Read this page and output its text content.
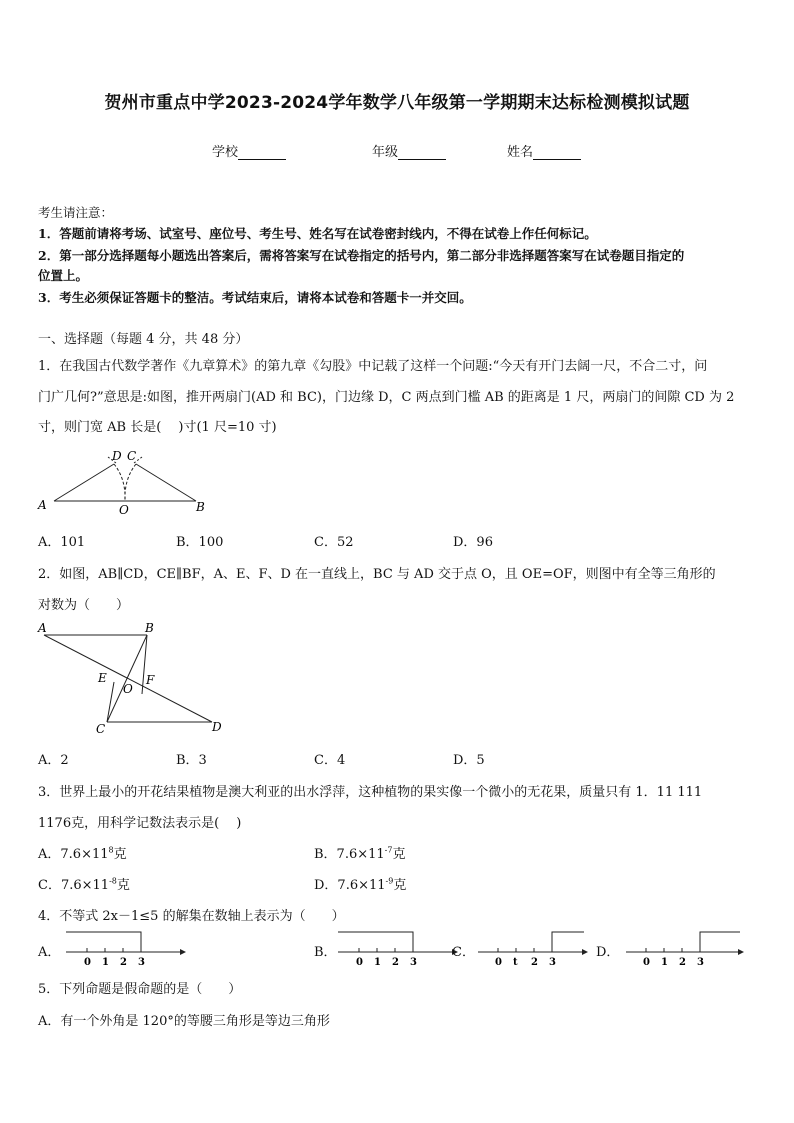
贺州市重点中学2023-2024学年数学八年级第一学期期末达标检测模拟试题
学校	年级	姓名
考生请注意：
1．答题前请将考场、试室号、座位号、考生号、姓名写在试卷密封线内，不得在试卷上作任何标记。
2．第一部分选择题每小题选出答案后，需将答案写在试卷指定的括号内，第二部分非选择题答案写在试卷题目指定的
位置上。
3．考生必须保证答题卡的整洁。考试结束后，请将本试卷和答题卡一并交回。
一、选择题（每题 4 分，共 48 分）
1．在我国古代数学著作《九章算术》的第九章《勾股》中记载了这样一个问题:“今天有开门去阔一尺，不合二寸，问
门广几何?”意思是:如图，推开两扇门(AD 和 BC)，门边缘 D，C 两点到门槛 AB 的距离是 1 尺，两扇门的间隙 CD 为 2
寸，则门宽 AB 长是(　 )寸(1 尺=10 寸)
A	B
D C
O
A．101	B．100	C．52	D．96
2．如图，AB∥CD，CE∥BF，A、E、F、D 在一直线上，BC 与 AD 交于点 O，且 OE=OF，则图中有全等三角形的
对数为（　　）
A	B
C	D
E	F
O
A．2	B．3	C．4	D．5
3．世界上最小的开花结果植物是澳大利亚的出水浮萍，这种植物的果实像一个微小的无花果，质量只有 1．11 111
1176克，用科学记数法表示是(　 )
A．$7.6\times 11^8$克	B．$7.6\times 11^{-7}$克
C．$7.6\times 11^{-8}$克	D．$7.6\times 11^{-9}$克
4．不等式 2x－1≤5 的解集在数轴上表示为（　　）
A．
0 1 2 3
B．
0 1 2 3
C．
0 t 2 3
D．
0 1 2 3
5．下列命题是假命题的是（　　）
A．有一个外角是 120°的等腰三角形是等边三角形
